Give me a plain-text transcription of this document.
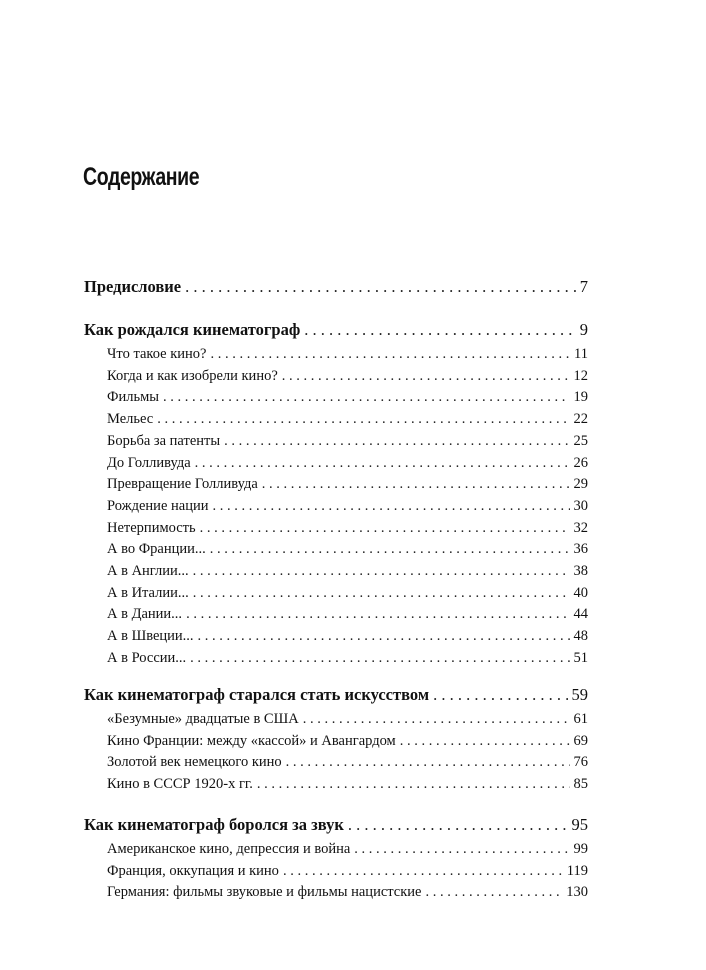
Содержание
Предисловие . . .	7
Как рождался кинематограф . . .	9
Что такое кино? . . .	11
Когда и как изобрели кино? . . .	12
Фильмы . . .	19
Мельес . . .	22
Борьба за патенты . . .	25
До Голливуда . . .	26
Превращение Голливуда . . .	29
Рождение нации . . .	30
Нетерпимость . . .	32
А во Франции... . . .	36
А в Англии... . . .	38
А в Италии... . . .	40
А в Дании... . . .	44
А в Швеции... . . .	48
А в России... . . .	51
Как кинематограф старался стать искусством . . .	59
«Безумные» двадцатые в США . . .	61
Кино Франции: между «кассой» и Авангардом . . .	69
Золотой век немецкого кино . . .	76
Кино в СССР 1920-х гг. . . .	85
Как кинематограф боролся за звук . . .	95
Американское кино, депрессия и война . . .	99
Франция, оккупация и кино . . .	119
Германия: фильмы звуковые и фильмы нацистские . . .	130
